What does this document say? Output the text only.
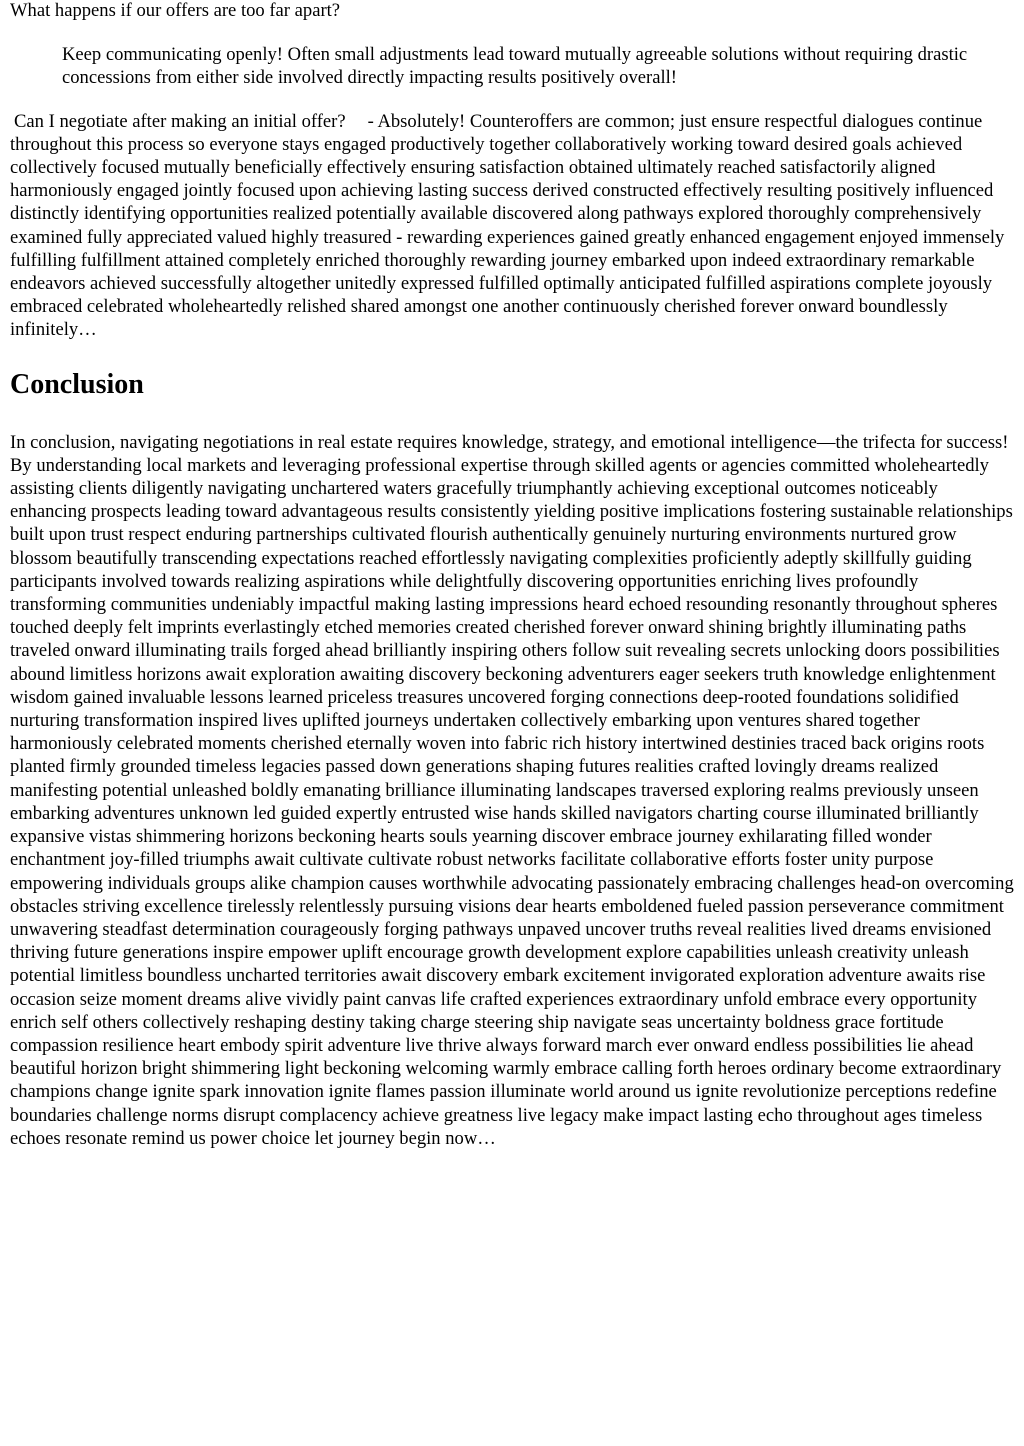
What happens if our offers are too far apart?
Keep communicating openly! Often small adjustments lead toward mutually agreeable solutions without requiring drastic concessions from either side involved directly impacting results positively overall!
Can I negotiate after making an initial offer? - Absolutely! Counteroffers are common; just ensure respectful dialogues continue throughout this process so everyone stays engaged productively together collaboratively working toward desired goals achieved collectively focused mutually beneficially effectively ensuring satisfaction obtained ultimately reached satisfactorily aligned harmoniously engaged jointly focused upon achieving lasting success derived constructed effectively resulting positively influenced distinctly identifying opportunities realized potentially available discovered along pathways explored thoroughly comprehensively examined fully appreciated valued highly treasured - rewarding experiences gained greatly enhanced engagement enjoyed immensely fulfilling fulfillment attained completely enriched thoroughly rewarding journey embarked upon indeed extraordinary remarkable endeavors achieved successfully altogether unitedly expressed fulfilled optimally anticipated fulfilled aspirations complete joyously embraced celebrated wholeheartedly relished shared amongst one another continuously cherished forever onward boundlessly infinitely…
Conclusion
In conclusion, navigating negotiations in real estate requires knowledge, strategy, and emotional intelligence—the trifecta for success! By understanding local markets and leveraging professional expertise through skilled agents or agencies committed wholeheartedly assisting clients diligently navigating unchartered waters gracefully triumphantly achieving exceptional outcomes noticeably enhancing prospects leading toward advantageous results consistently yielding positive implications fostering sustainable relationships built upon trust respect enduring partnerships cultivated flourish authentically genuinely nurturing environments nurtured grow blossom beautifully transcending expectations reached effortlessly navigating complexities proficiently adeptly skillfully guiding participants involved towards realizing aspirations while delightfully discovering opportunities enriching lives profoundly transforming communities undeniably impactful making lasting impressions heard echoed resounding resonantly throughout spheres touched deeply felt imprints everlastingly etched memories created cherished forever onward shining brightly illuminating paths traveled onward illuminating trails forged ahead brilliantly inspiring others follow suit revealing secrets unlocking doors possibilities abound limitless horizons await exploration awaiting discovery beckoning adventurers eager seekers truth knowledge enlightenment wisdom gained invaluable lessons learned priceless treasures uncovered forging connections deep-rooted foundations solidified nurturing transformation inspired lives uplifted journeys undertaken collectively embarking upon ventures shared together harmoniously celebrated moments cherished eternally woven into fabric rich history intertwined destinies traced back origins roots planted firmly grounded timeless legacies passed down generations shaping futures realities crafted lovingly dreams realized manifesting potential unleashed boldly emanating brilliance illuminating landscapes traversed exploring realms previously unseen embarking adventures unknown led guided expertly entrusted wise hands skilled navigators charting course illuminated brilliantly expansive vistas shimmering horizons beckoning hearts souls yearning discover embrace journey exhilarating filled wonder enchantment joy-filled triumphs await cultivate cultivate robust networks facilitate collaborative efforts foster unity purpose empowering individuals groups alike champion causes worthwhile advocating passionately embracing challenges head-on overcoming obstacles striving excellence tirelessly relentlessly pursuing visions dear hearts emboldened fueled passion perseverance commitment unwavering steadfast determination courageously forging pathways unpaved uncover truths reveal realities lived dreams envisioned thriving future generations inspire empower uplift encourage growth development explore capabilities unleash creativity unleash potential limitless boundless uncharted territories await discovery embark excitement invigorated exploration adventure awaits rise occasion seize moment dreams alive vividly paint canvas life crafted experiences extraordinary unfold embrace every opportunity enrich self others collectively reshaping destiny taking charge steering ship navigate seas uncertainty boldness grace fortitude compassion resilience heart embody spirit adventure live thrive always forward march ever onward endless possibilities lie ahead beautiful horizon bright shimmering light beckoning welcoming warmly embrace calling forth heroes ordinary become extraordinary champions change ignite spark innovation ignite flames passion illuminate world around us ignite revolutionize perceptions redefine boundaries challenge norms disrupt complacency achieve greatness live legacy make impact lasting echo throughout ages timeless echoes resonate remind us power choice let journey begin now…
